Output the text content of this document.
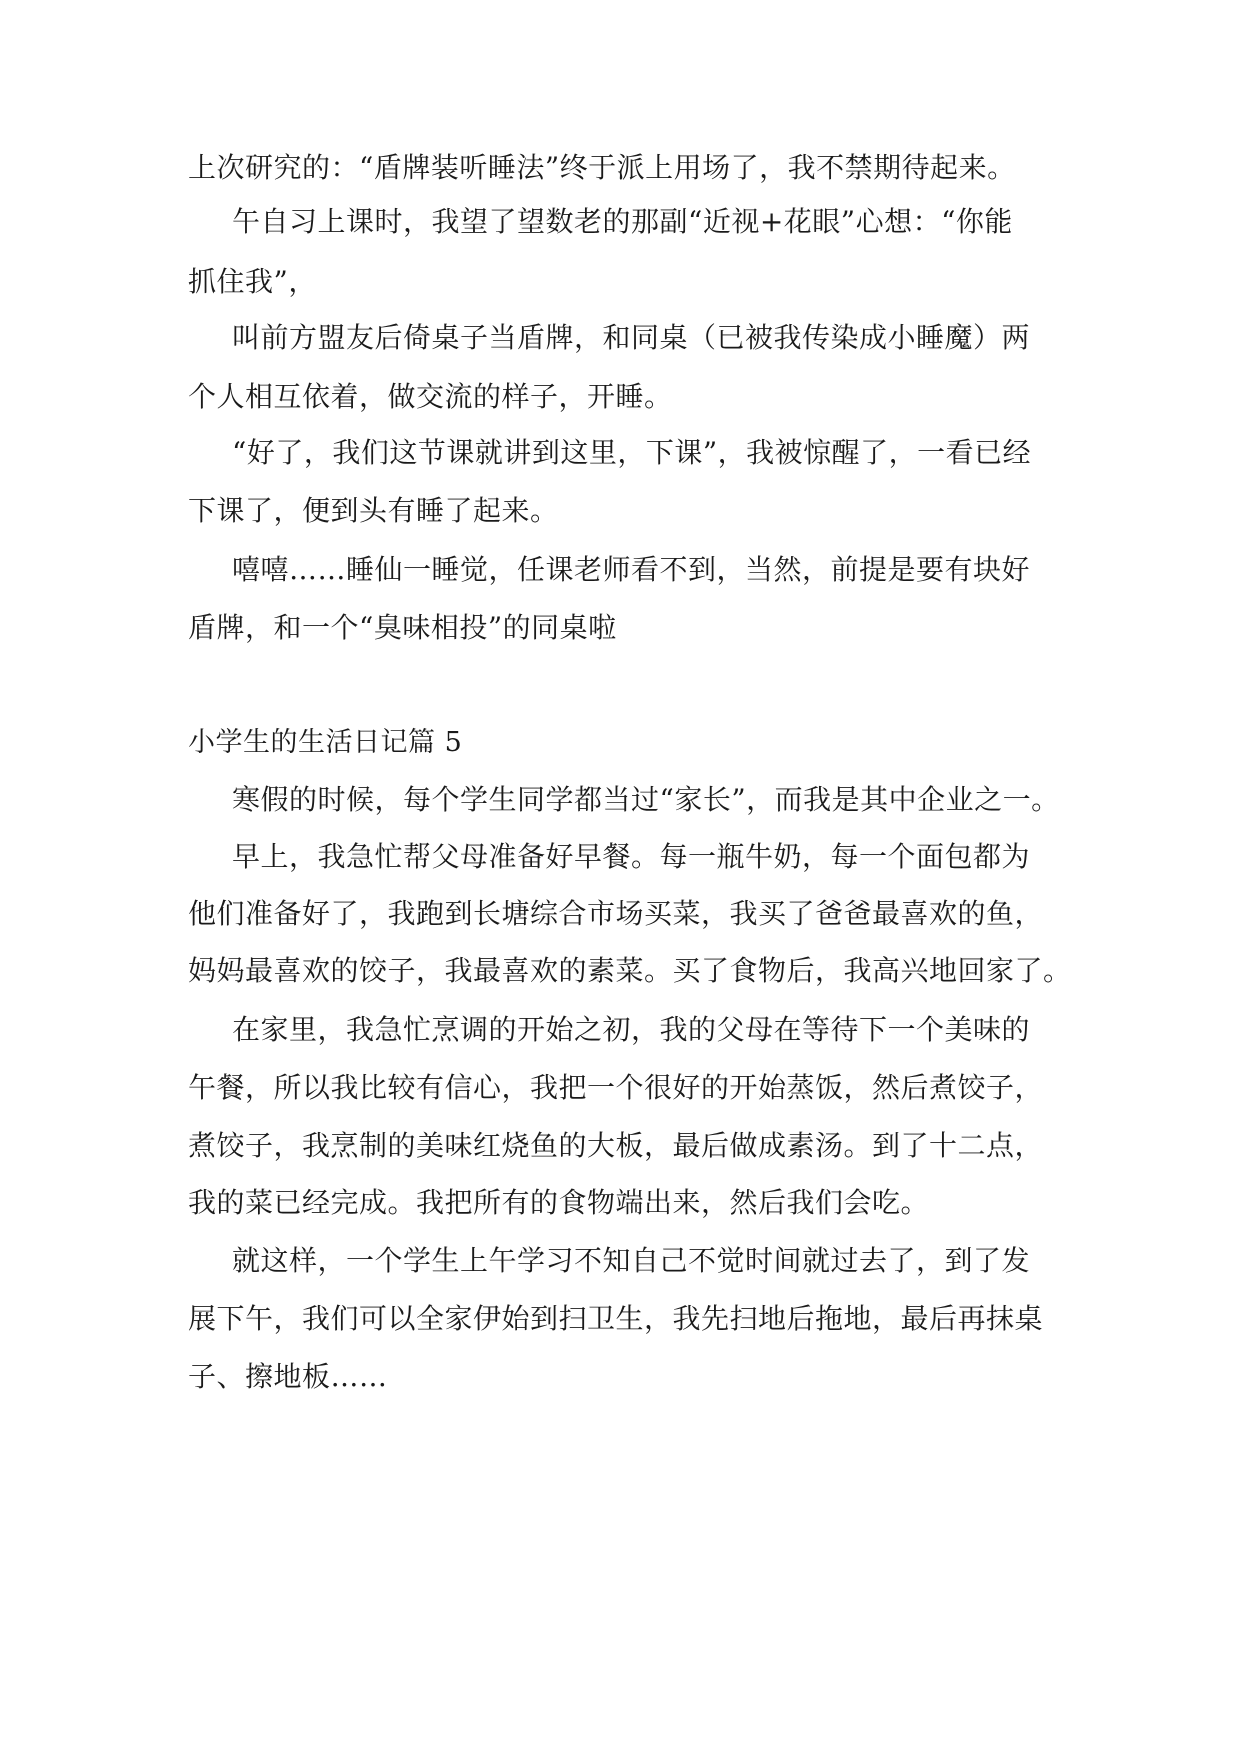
上次研究的：“盾牌装听睡法”终于派上用场了，我不禁期待起来。
午自习上课时，我望了望数老的那副“近视+花眼”心想：“你能
抓住我”，
叫前方盟友后倚桌子当盾牌，和同桌（已被我传染成小睡魔）两
个人相互依着，做交流的样子，开睡。
“好了，我们这节课就讲到这里，下课”，我被惊醒了，一看已经
下课了，便到头有睡了起来。
嘻嘻……睡仙一睡觉，任课老师看不到，当然，前提是要有块好
盾牌，和一个“臭味相投”的同桌啦
小学生的生活日记篇 5
寒假的时候，每个学生同学都当过“家长”，而我是其中企业之一。
早上，我急忙帮父母准备好早餐。每一瓶牛奶，每一个面包都为
他们准备好了，我跑到长塘综合市场买菜，我买了爸爸最喜欢的鱼，
妈妈最喜欢的饺子，我最喜欢的素菜。买了食物后，我高兴地回家了。
在家里，我急忙烹调的开始之初，我的父母在等待下一个美味的
午餐，所以我比较有信心，我把一个很好的开始蒸饭，然后煮饺子，
煮饺子，我烹制的美味红烧鱼的大板，最后做成素汤。到了十二点，
我的菜已经完成。我把所有的食物端出来，然后我们会吃。
就这样，一个学生上午学习不知自己不觉时间就过去了，到了发
展下午，我们可以全家伊始到扫卫生，我先扫地后拖地，最后再抹桌
子、擦地板……
